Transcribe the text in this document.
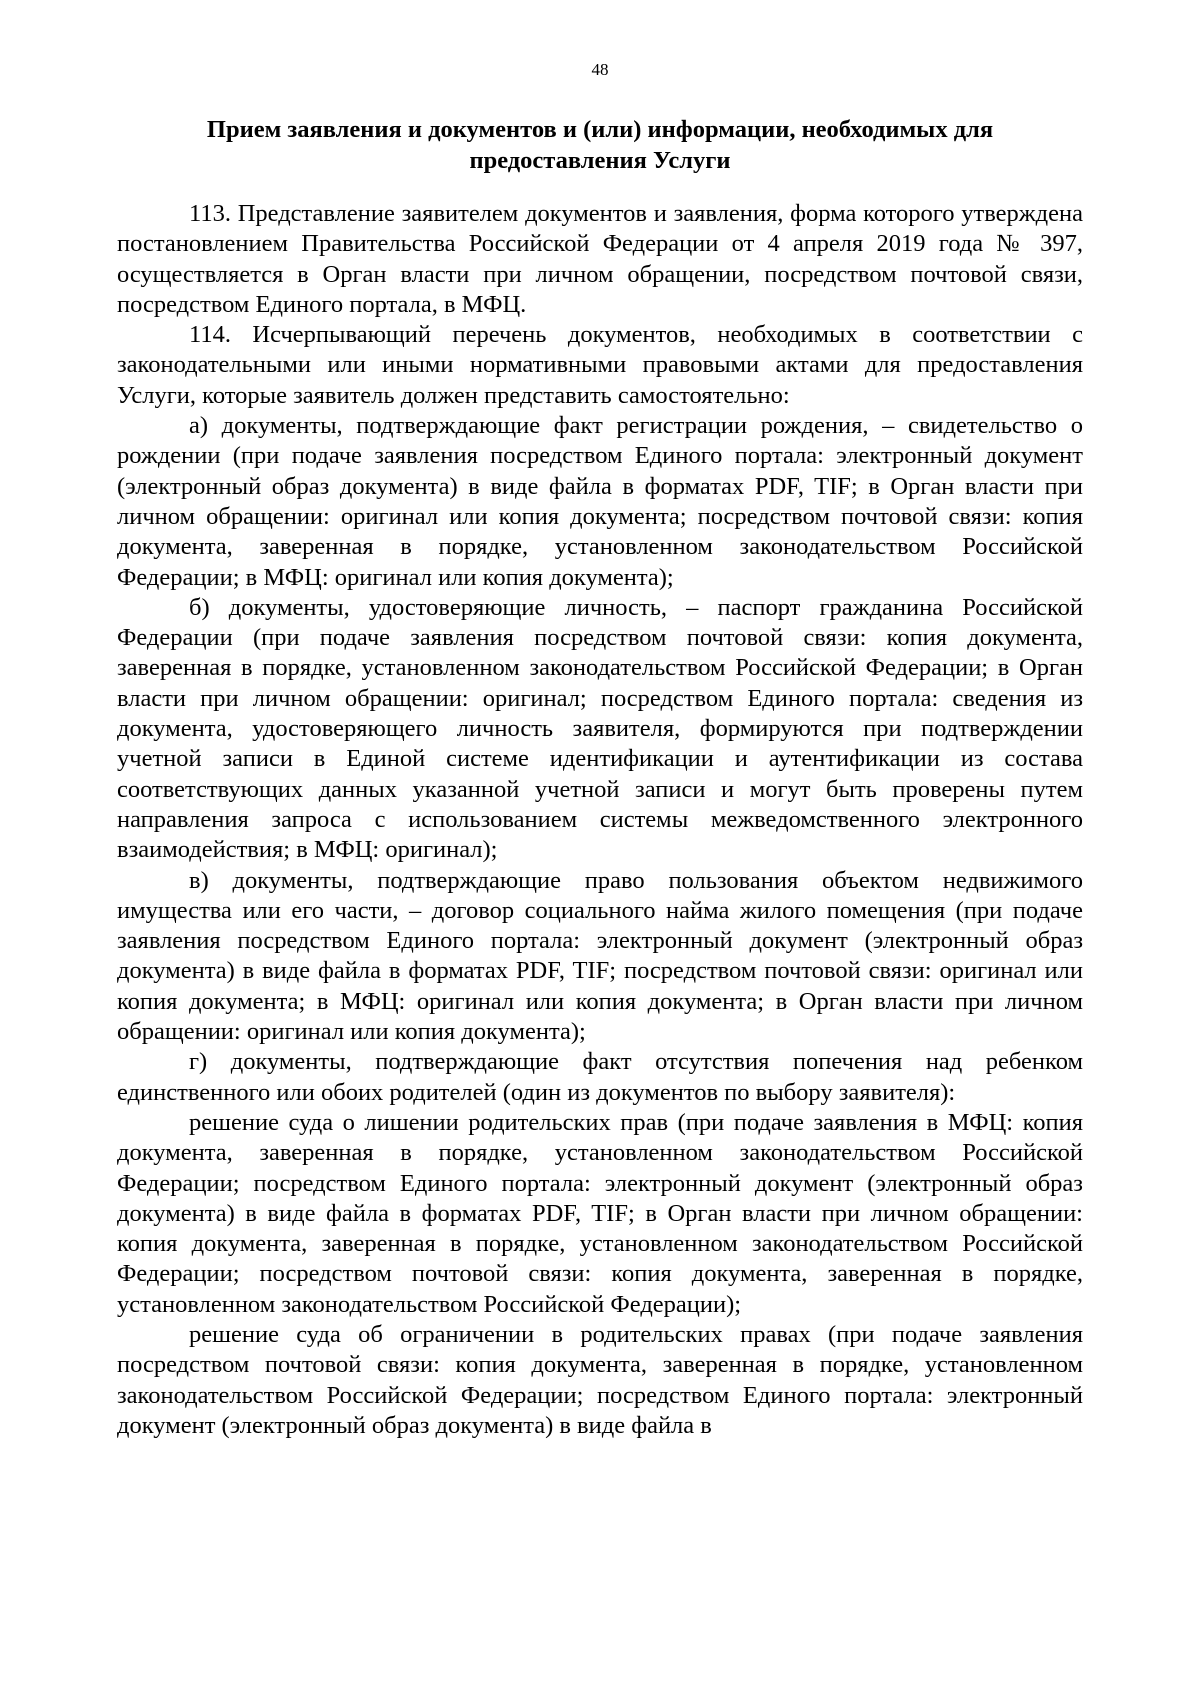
48
Прием заявления и документов и (или) информации, необходимых для предоставления Услуги

113. Представление заявителем документов и заявления, форма которого утверждена постановлением Правительства Российской Федерации от 4 апреля 2019 года № 397, осуществляется в Орган власти при личном обращении, посредством почтовой связи, посредством Единого портала, в МФЦ.

114. Исчерпывающий перечень документов, необходимых в соответствии с законодательными или иными нормативными правовыми актами для предоставления Услуги, которые заявитель должен представить самостоятельно:

а) документы, подтверждающие факт регистрации рождения, – свидетельство о рождении (при подаче заявления посредством Единого портала: электронный документ (электронный образ документа) в виде файла в форматах PDF, TIF; в Орган власти при личном обращении: оригинал или копия документа; посредством почтовой связи: копия документа, заверенная в порядке, установленном законодательством Российской Федерации; в МФЦ: оригинал или копия документа);

б) документы, удостоверяющие личность, – паспорт гражданина Российской Федерации (при подаче заявления посредством почтовой связи: копия документа, заверенная в порядке, установленном законодательством Российской Федерации; в Орган власти при личном обращении: оригинал; посредством Единого портала: сведения из документа, удостоверяющего личность заявителя, формируются при подтверждении учетной записи в Единой системе идентификации и аутентификации из состава соответствующих данных указанной учетной записи и могут быть проверены путем направления запроса с использованием системы межведомственного электронного взаимодействия; в МФЦ: оригинал);

в) документы, подтверждающие право пользования объектом недвижимого имущества или его части, – договор социального найма жилого помещения (при подаче заявления посредством Единого портала: электронный документ (электронный образ документа) в виде файла в форматах PDF, TIF; посредством почтовой связи: оригинал или копия документа; в МФЦ: оригинал или копия документа; в Орган власти при личном обращении: оригинал или копия документа);

г) документы, подтверждающие факт отсутствия попечения над ребенком единственного или обоих родителей (один из документов по выбору заявителя):

решение суда о лишении родительских прав (при подаче заявления в МФЦ: копия документа, заверенная в порядке, установленном законодательством Российской Федерации; посредством Единого портала: электронный документ (электронный образ документа) в виде файла в форматах PDF, TIF; в Орган власти при личном обращении: копия документа, заверенная в порядке, установленном законодательством Российской Федерации; посредством почтовой связи: копия документа, заверенная в порядке, установленном законодательством Российской Федерации);

решение суда об ограничении в родительских правах (при подаче заявления посредством почтовой связи: копия документа, заверенная в порядке, установленном законодательством Российской Федерации; посредством Единого портала: электронный документ (электронный образ документа) в виде файла в
